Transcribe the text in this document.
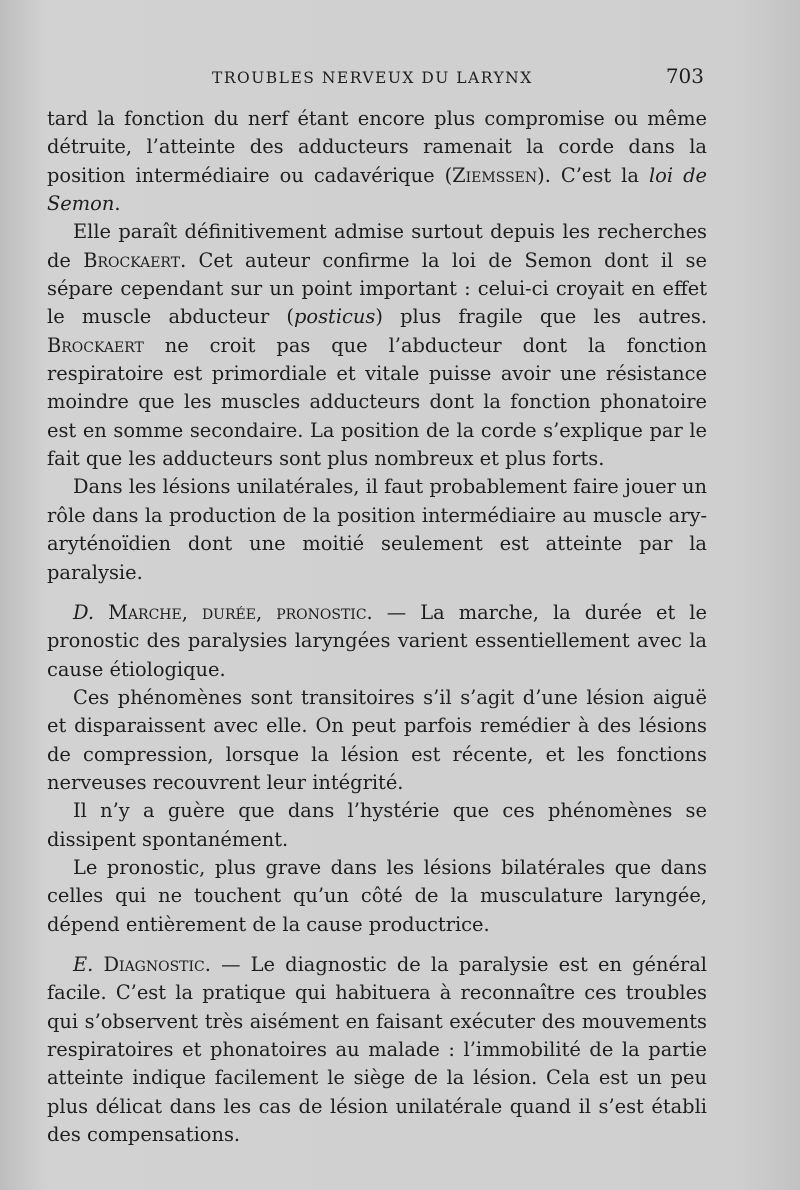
TROUBLES NERVEUX DU LARYNX	703

tard la fonction du nerf étant encore plus compromise ou même détruite, l’atteinte des adducteurs ramenait la corde dans la position intermédiaire ou cadavérique (Ziemssen). C’est la loi de Semon.

Elle paraît définitivement admise surtout depuis les recherches de Brockaert. Cet auteur confirme la loi de Semon dont il se sépare cependant sur un point important : celui-ci croyait en effet le muscle abducteur (posticus) plus fragile que les autres. Brockaert ne croit pas que l’abducteur dont la fonction respiratoire est primordiale et vitale puisse avoir une résistance moindre que les muscles adducteurs dont la fonction phonatoire est en somme secondaire. La position de la corde s’explique par le fait que les adducteurs sont plus nombreux et plus forts.

Dans les lésions unilatérales, il faut probablement faire jouer un rôle dans la production de la position intermédiaire au muscle ary-aryténoïdien dont une moitié seulement est atteinte par la paralysie.

D. Marche, durée, pronostic. — La marche, la durée et le pronostic des paralysies laryngées varient essentiellement avec la cause étiologique.

Ces phénomènes sont transitoires s’il s’agit d’une lésion aiguë et disparaissent avec elle. On peut parfois remédier à des lésions de compression, lorsque la lésion est récente, et les fonctions nerveuses recouvrent leur intégrité.

Il n’y a guère que dans l’hystérie que ces phénomènes se dissipent spontanément.

Le pronostic, plus grave dans les lésions bilatérales que dans celles qui ne touchent qu’un côté de la musculature laryngée, dépend entièrement de la cause productrice.

E. Diagnostic. — Le diagnostic de la paralysie est en général facile. C’est la pratique qui habituera à reconnaître ces troubles qui s’observent très aisément en faisant exécuter des mouvements respiratoires et phonatoires au malade : l’immobilité de la partie atteinte indique facilement le siège de la lésion. Cela est un peu plus délicat dans les cas de lésion unilatérale quand il s’est établi des compensations.
